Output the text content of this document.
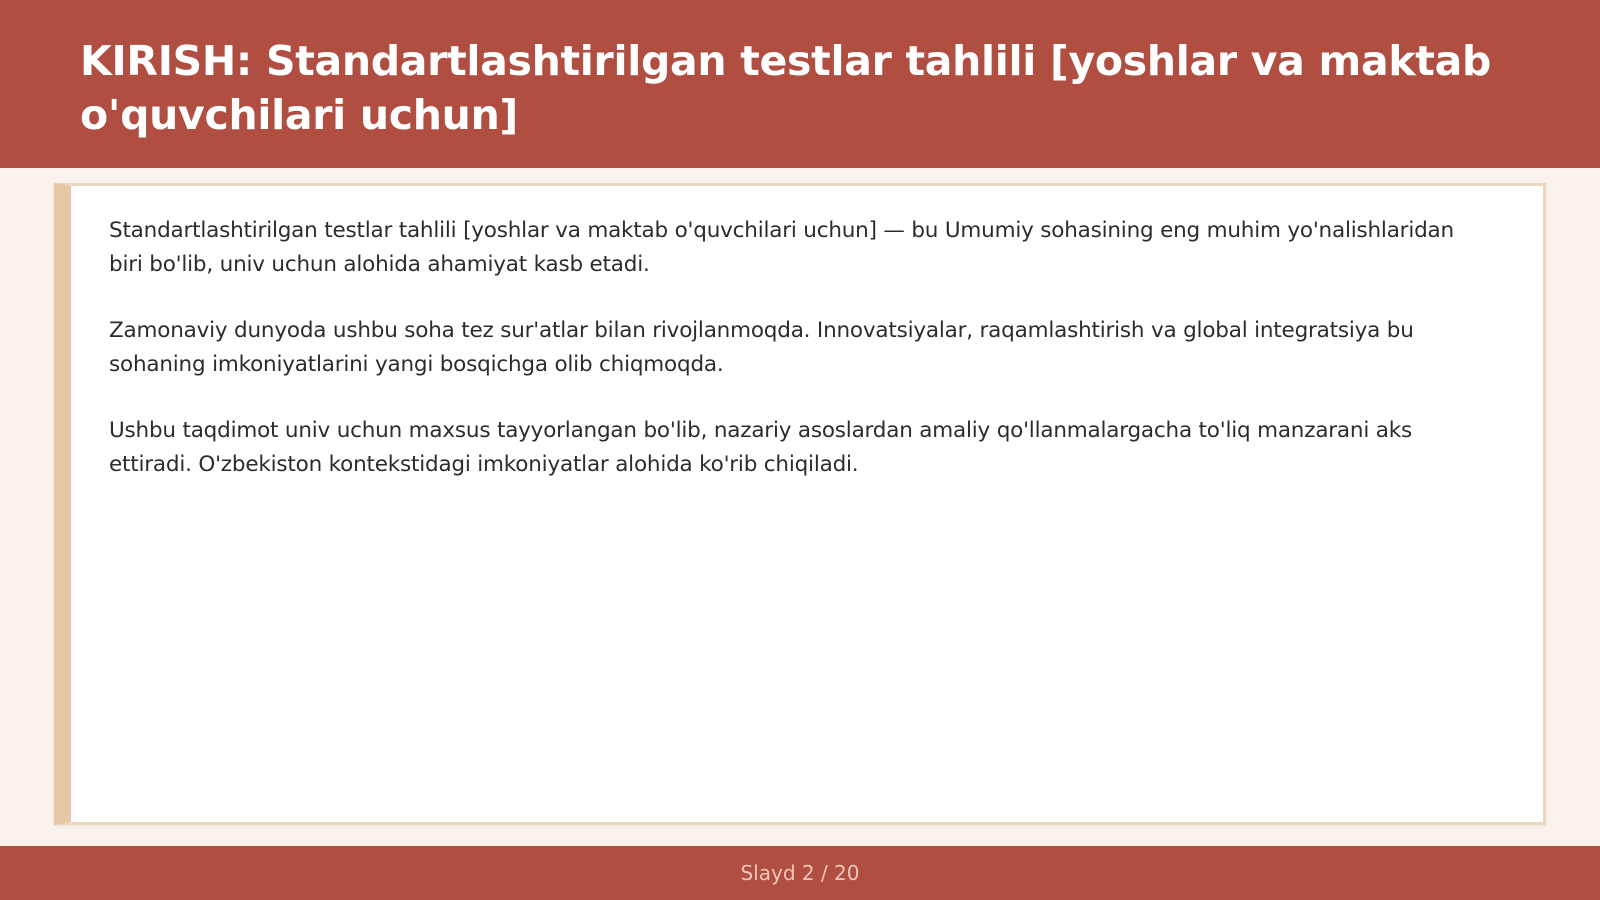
KIRISH: Standartlashtirilgan testlar tahlili [yoshlar va maktab o'quvchilari uchun]

Standartlashtirilgan testlar tahlili [yoshlar va maktab o'quvchilari uchun] — bu Umumiy sohasining eng muhim yo'nalishlaridan biri bo'lib, univ uchun alohida ahamiyat kasb etadi.

Zamonaviy dunyoda ushbu soha tez sur'atlar bilan rivojlanmoqda. Innovatsiyalar, raqamlashtirish va global integratsiya bu sohaning imkoniyatlarini yangi bosqichga olib chiqmoqda.

Ushbu taqdimot univ uchun maxsus tayyorlangan bo'lib, nazariy asoslardan amaliy qo'llanmalargacha to'liq manzarani aks ettiradi. O'zbekiston kontekstidagi imkoniyatlar alohida ko'rib chiqiladi.

Slayd 2 / 20
